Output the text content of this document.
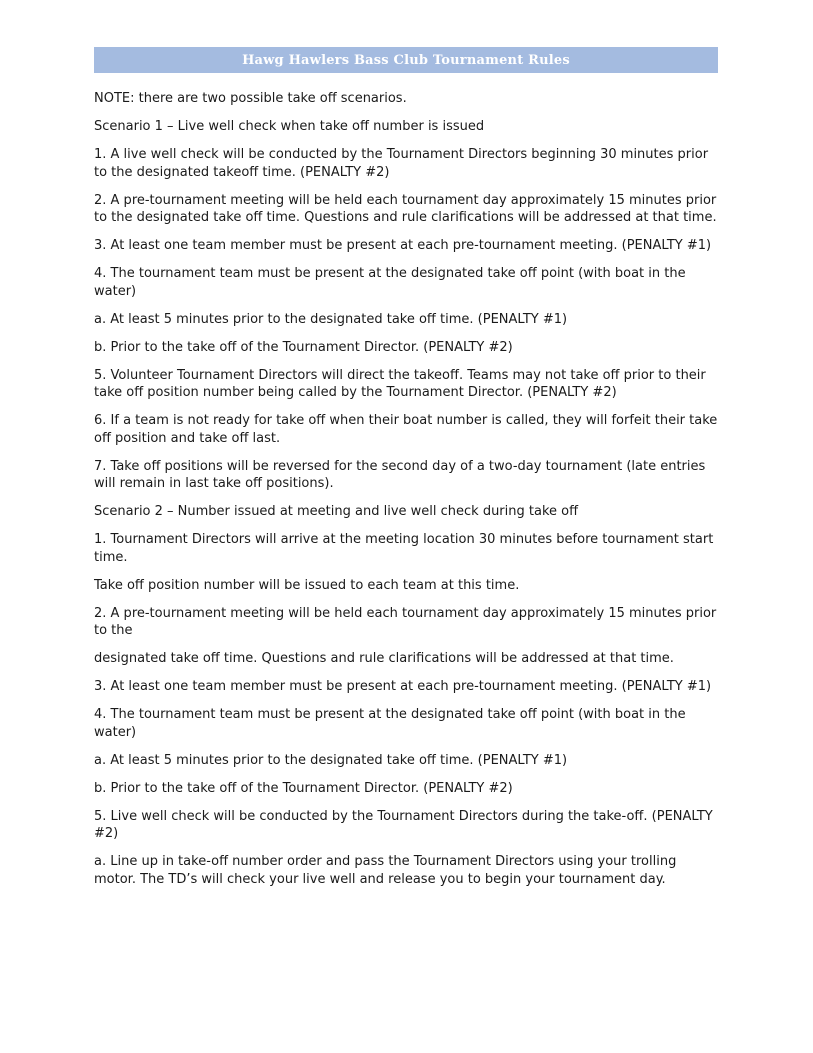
Hawg Hawlers Bass Club Tournament Rules

NOTE: there are two possible take off scenarios.

Scenario 1 – Live well check when take off number is issued

1. A live well check will be conducted by the Tournament Directors beginning 30 minutes prior to the designated takeoff time. (PENALTY #2)

2. A pre-tournament meeting will be held each tournament day approximately 15 minutes prior to the designated take off time. Questions and rule clarifications will be addressed at that time.

3. At least one team member must be present at each pre-tournament meeting. (PENALTY #1)

4. The tournament team must be present at the designated take off point (with boat in the water)

a. At least 5 minutes prior to the designated take off time. (PENALTY #1)

b. Prior to the take off of the Tournament Director. (PENALTY #2)

5. Volunteer Tournament Directors will direct the takeoff. Teams may not take off prior to their take off position number being called by the Tournament Director. (PENALTY #2)

6. If a team is not ready for take off when their boat number is called, they will forfeit their take off position and take off last.

7. Take off positions will be reversed for the second day of a two-day tournament (late entries will remain in last take off positions).

Scenario 2 – Number issued at meeting and live well check during take off

1. Tournament Directors will arrive at the meeting location 30 minutes before tournament start time.

Take off position number will be issued to each team at this time.

2. A pre-tournament meeting will be held each tournament day approximately 15 minutes prior to the

designated take off time. Questions and rule clarifications will be addressed at that time.

3. At least one team member must be present at each pre-tournament meeting. (PENALTY #1)

4. The tournament team must be present at the designated take off point (with boat in the water)

a. At least 5 minutes prior to the designated take off time. (PENALTY #1)

b. Prior to the take off of the Tournament Director. (PENALTY #2)

5. Live well check will be conducted by the Tournament Directors during the take-off. (PENALTY #2)

a. Line up in take-off number order and pass the Tournament Directors using your trolling motor. The TD’s will check your live well and release you to begin your tournament day.
